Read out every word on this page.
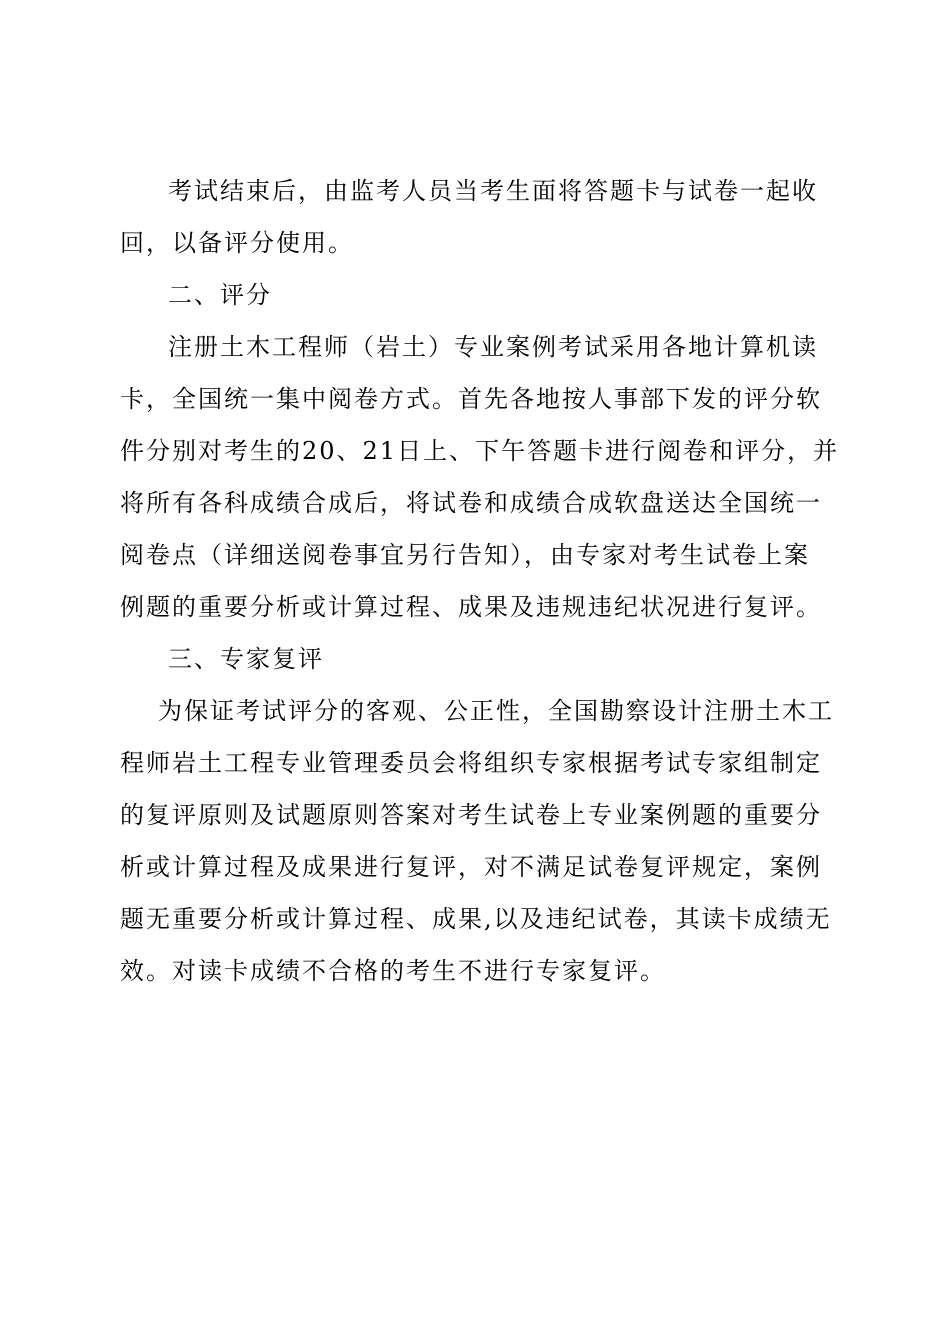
考试结束后，由监考人员当考生面将答题卡与试卷一起收
回，以备评分使用。
二、评分
注册土木工程师（岩土）专业案例考试采用各地计算机读
卡，全国统一集中阅卷方式。首先各地按人事部下发的评分软
件分别对考生的20、21日上、下午答题卡进行阅卷和评分，并
将所有各科成绩合成后，将试卷和成绩合成软盘送达全国统一
阅卷点（详细送阅卷事宜另行告知），由专家对考生试卷上案
例题的重要分析或计算过程、成果及违规违纪状况进行复评。
三、专家复评
为保证考试评分的客观、公正性，全国勘察设计注册土木工
程师岩土工程专业管理委员会将组织专家根据考试专家组制定
的复评原则及试题原则答案对考生试卷上专业案例题的重要分
析或计算过程及成果进行复评，对不满足试卷复评规定，案例
题无重要分析或计算过程、成果,以及违纪试卷，其读卡成绩无
效。对读卡成绩不合格的考生不进行专家复评。
